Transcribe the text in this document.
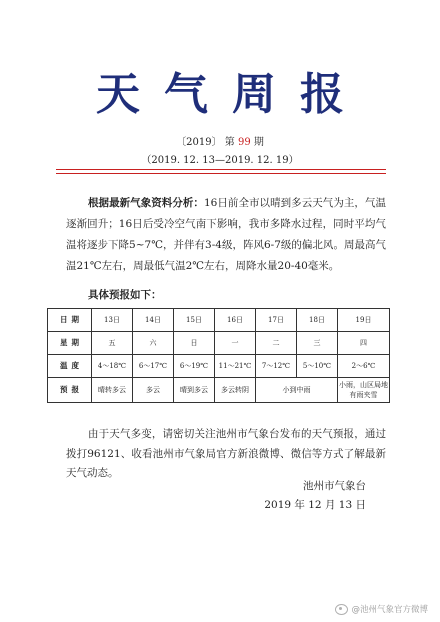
天气周报
〔2019〕 第 99 期
（2019. 12. 13—2019. 12. 19）
根据最新气象资料分析：16日前全市以晴到多云天气为主，气温逐渐回升；16日后受冷空气南下影响，我市多降水过程，同时平均气温将逐步下降5~7℃，并伴有3-4级，阵风6-7级的偏北风。周最高气温21℃左右，周最低气温2℃左右，周降水量20-40毫米。
具体预报如下：
日期	13日	14日	15日	16日	17日	18日	19日
星期	五	六	日	一	二	三	四
温度	4～18℃	6～17℃	6～19℃	11～21℃	7～12℃	5～10℃	2～6℃
预报	晴转多云	多云	晴到多云	多云转阴	小到中雨		小雨，山区局地有雨夹雪
由于天气多变，请密切关注池州市气象台发布的天气预报，通过拨打96121、收看池州市气象局官方新浪微博、微信等方式了解最新天气动态。
池州市气象台
2019 年 12 月 13 日
@池州气象官方微博
